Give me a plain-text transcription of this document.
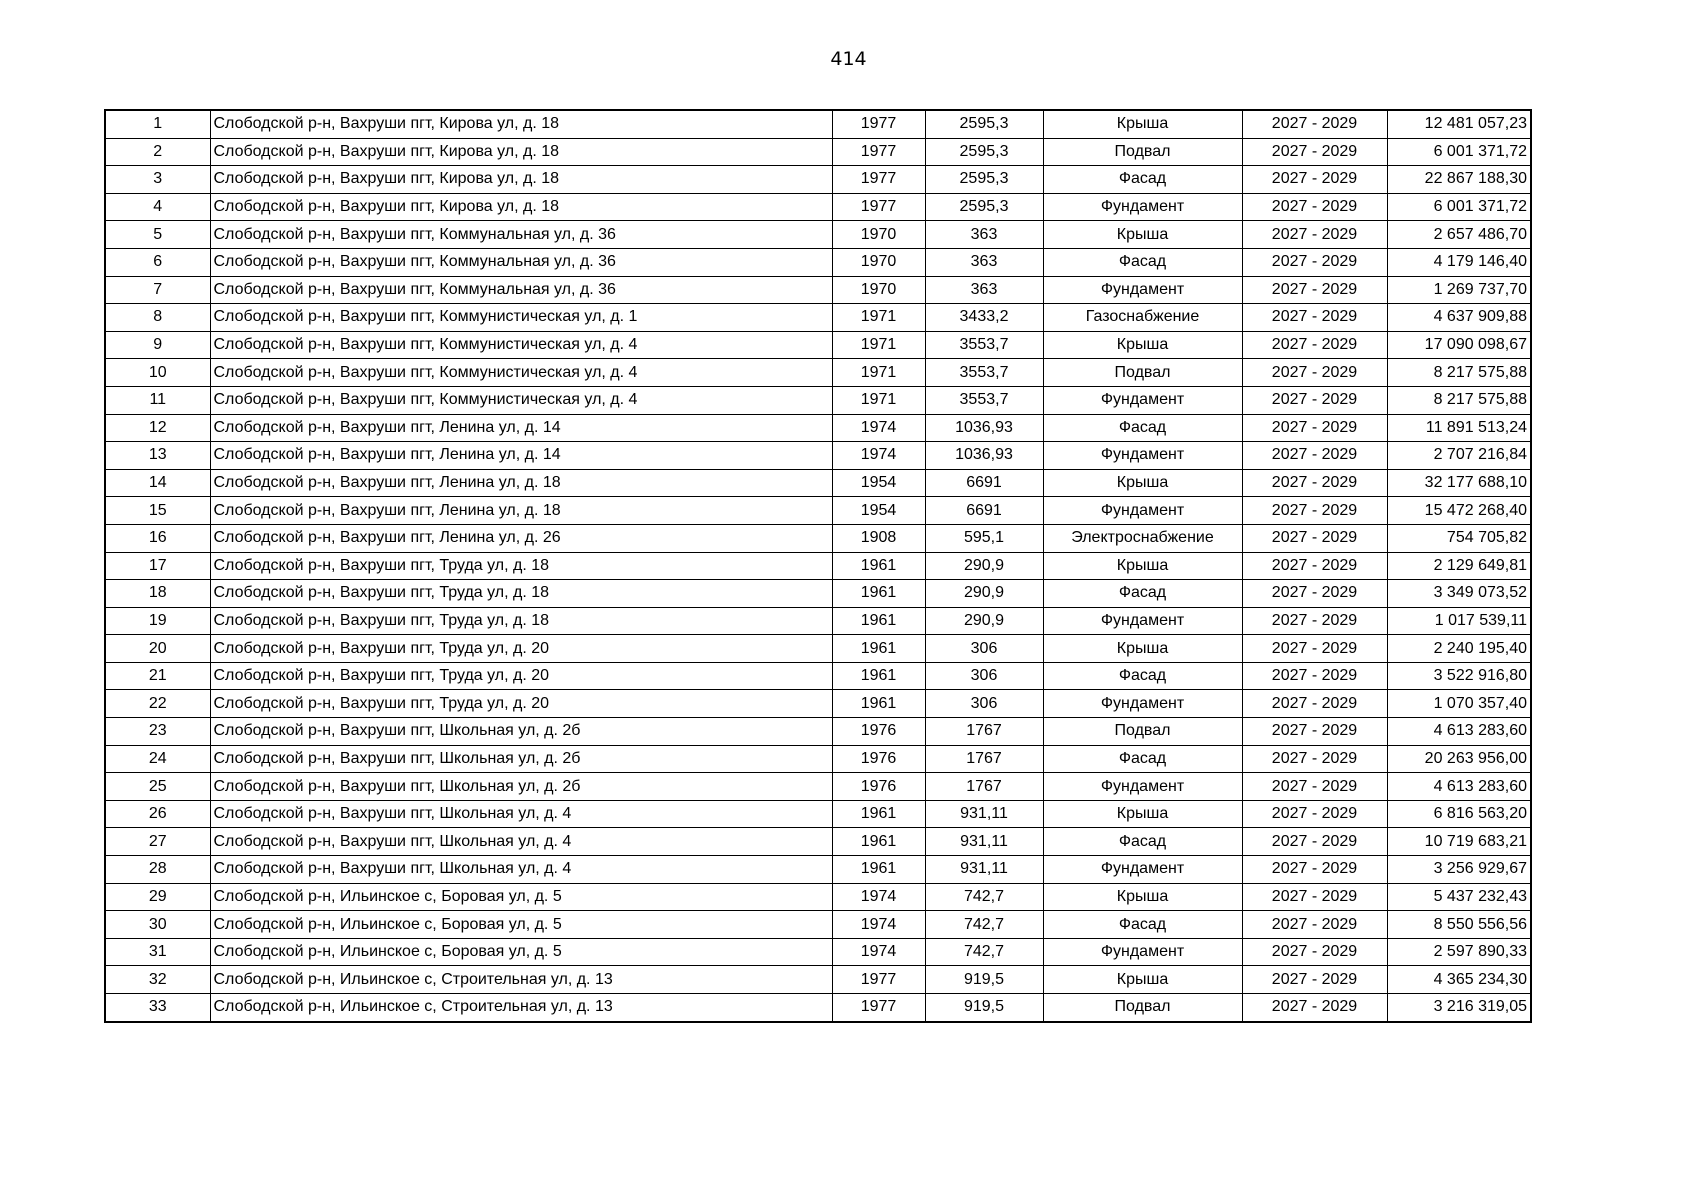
414
1	Слободской р-н, Вахруши пгт, Кирова ул, д. 18	1977	2595,3	Крыша	2027 - 2029	12 481 057,23
2	Слободской р-н, Вахруши пгт, Кирова ул, д. 18	1977	2595,3	Подвал	2027 - 2029	6 001 371,72
3	Слободской р-н, Вахруши пгт, Кирова ул, д. 18	1977	2595,3	Фасад	2027 - 2029	22 867 188,30
4	Слободской р-н, Вахруши пгт, Кирова ул, д. 18	1977	2595,3	Фундамент	2027 - 2029	6 001 371,72
5	Слободской р-н, Вахруши пгт, Коммунальная ул, д. 36	1970	363	Крыша	2027 - 2029	2 657 486,70
6	Слободской р-н, Вахруши пгт, Коммунальная ул, д. 36	1970	363	Фасад	2027 - 2029	4 179 146,40
7	Слободской р-н, Вахруши пгт, Коммунальная ул, д. 36	1970	363	Фундамент	2027 - 2029	1 269 737,70
8	Слободской р-н, Вахруши пгт, Коммунистическая ул, д. 1	1971	3433,2	Газоснабжение	2027 - 2029	4 637 909,88
9	Слободской р-н, Вахруши пгт, Коммунистическая ул, д. 4	1971	3553,7	Крыша	2027 - 2029	17 090 098,67
10	Слободской р-н, Вахруши пгт, Коммунистическая ул, д. 4	1971	3553,7	Подвал	2027 - 2029	8 217 575,88
11	Слободской р-н, Вахруши пгт, Коммунистическая ул, д. 4	1971	3553,7	Фундамент	2027 - 2029	8 217 575,88
12	Слободской р-н, Вахруши пгт, Ленина ул, д. 14	1974	1036,93	Фасад	2027 - 2029	11 891 513,24
13	Слободской р-н, Вахруши пгт, Ленина ул, д. 14	1974	1036,93	Фундамент	2027 - 2029	2 707 216,84
14	Слободской р-н, Вахруши пгт, Ленина ул, д. 18	1954	6691	Крыша	2027 - 2029	32 177 688,10
15	Слободской р-н, Вахруши пгт, Ленина ул, д. 18	1954	6691	Фундамент	2027 - 2029	15 472 268,40
16	Слободской р-н, Вахруши пгт, Ленина ул, д. 26	1908	595,1	Электроснабжение	2027 - 2029	754 705,82
17	Слободской р-н, Вахруши пгт, Труда ул, д. 18	1961	290,9	Крыша	2027 - 2029	2 129 649,81
18	Слободской р-н, Вахруши пгт, Труда ул, д. 18	1961	290,9	Фасад	2027 - 2029	3 349 073,52
19	Слободской р-н, Вахруши пгт, Труда ул, д. 18	1961	290,9	Фундамент	2027 - 2029	1 017 539,11
20	Слободской р-н, Вахруши пгт, Труда ул, д. 20	1961	306	Крыша	2027 - 2029	2 240 195,40
21	Слободской р-н, Вахруши пгт, Труда ул, д. 20	1961	306	Фасад	2027 - 2029	3 522 916,80
22	Слободской р-н, Вахруши пгт, Труда ул, д. 20	1961	306	Фундамент	2027 - 2029	1 070 357,40
23	Слободской р-н, Вахруши пгт, Школьная ул, д. 2б	1976	1767	Подвал	2027 - 2029	4 613 283,60
24	Слободской р-н, Вахруши пгт, Школьная ул, д. 2б	1976	1767	Фасад	2027 - 2029	20 263 956,00
25	Слободской р-н, Вахруши пгт, Школьная ул, д. 2б	1976	1767	Фундамент	2027 - 2029	4 613 283,60
26	Слободской р-н, Вахруши пгт, Школьная ул, д. 4	1961	931,11	Крыша	2027 - 2029	6 816 563,20
27	Слободской р-н, Вахруши пгт, Школьная ул, д. 4	1961	931,11	Фасад	2027 - 2029	10 719 683,21
28	Слободской р-н, Вахруши пгт, Школьная ул, д. 4	1961	931,11	Фундамент	2027 - 2029	3 256 929,67
29	Слободской р-н, Ильинское с, Боровая ул, д. 5	1974	742,7	Крыша	2027 - 2029	5 437 232,43
30	Слободской р-н, Ильинское с, Боровая ул, д. 5	1974	742,7	Фасад	2027 - 2029	8 550 556,56
31	Слободской р-н, Ильинское с, Боровая ул, д. 5	1974	742,7	Фундамент	2027 - 2029	2 597 890,33
32	Слободской р-н, Ильинское с, Строительная ул, д. 13	1977	919,5	Крыша	2027 - 2029	4 365 234,30
33	Слободской р-н, Ильинское с, Строительная ул, д. 13	1977	919,5	Подвал	2027 - 2029	3 216 319,05
